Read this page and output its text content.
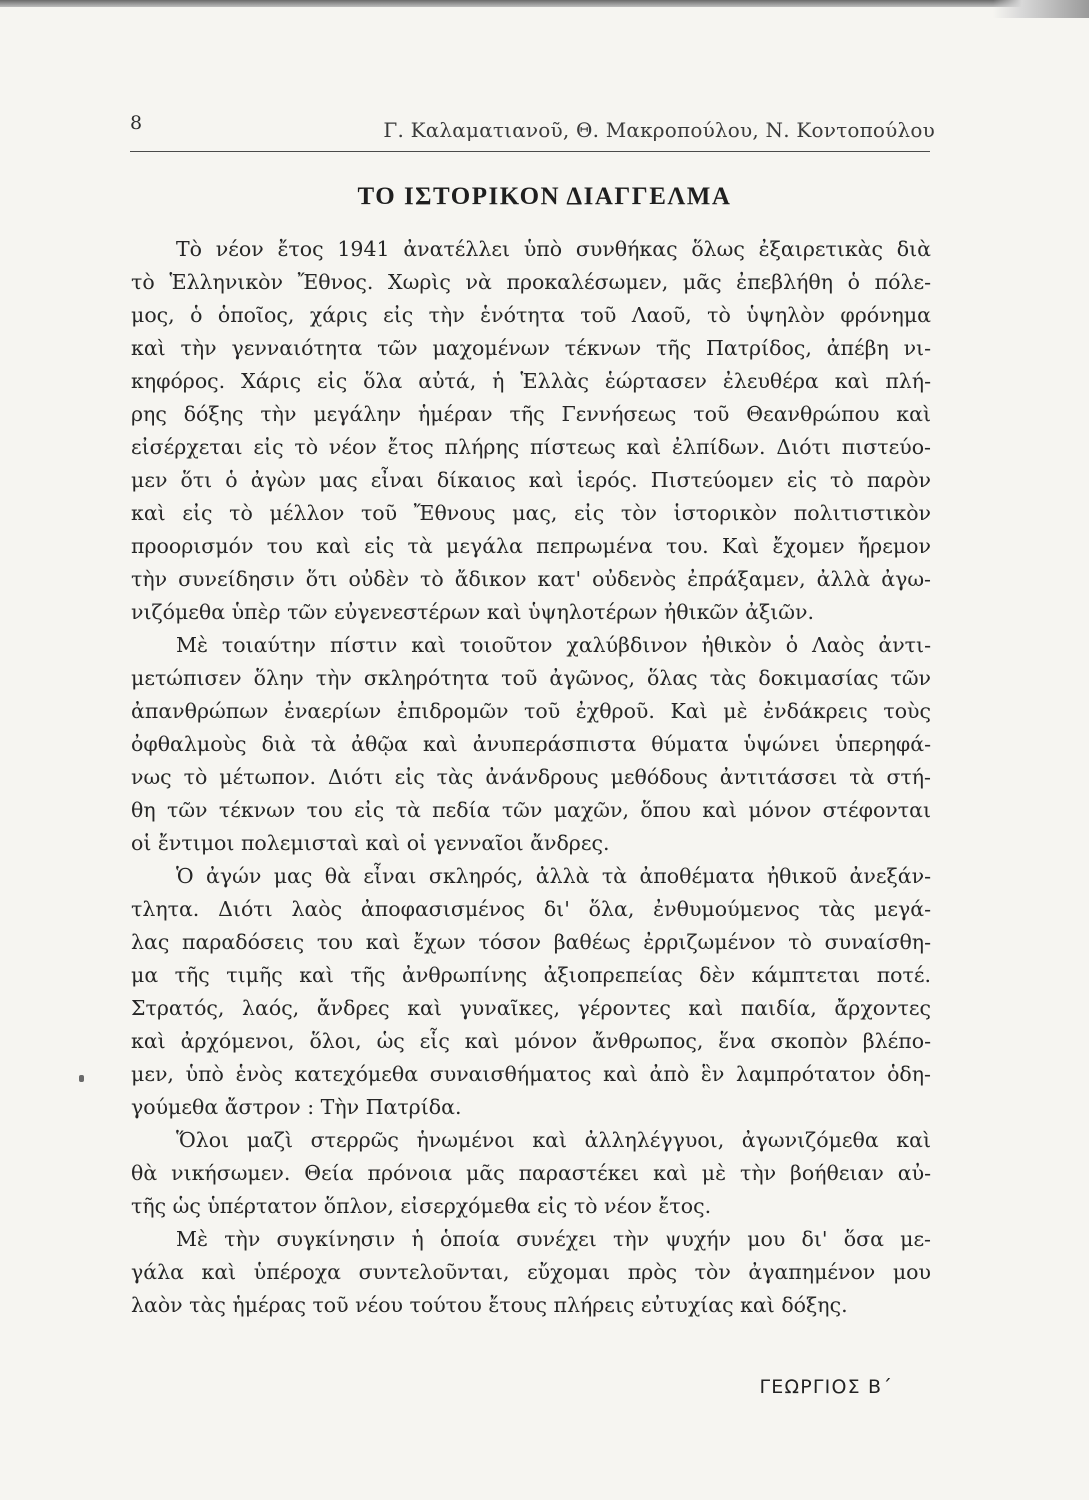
8	Γ. Καλαματιανοῦ, Θ. Μακροπούλου, Ν. Κοντοπούλου
ΤΟ ΙΣΤΟΡΙΚΟΝ ΔΙΑΓΓΕΛΜΑ
Τὸ νέον ἔτος 1941 ἀνατέλλει ὑπὸ συνθήκας ὅλως ἐξαιρετικὰς διὰ
τὸ Ἑλληνικὸν Ἔθνος. Χωρὶς νὰ προκαλέσωμεν, μᾶς ἐπεβλήθη ὁ πόλε-
μος, ὁ ὁποῖος, χάρις εἰς τὴν ἑνότητα τοῦ Λαοῦ, τὸ ὑψηλὸν φρόνημα
καὶ τὴν γενναιότητα τῶν μαχομένων τέκνων τῆς Πατρίδος, ἀπέβη νι-
κηφόρος. Χάρις εἰς ὅλα αὐτά, ἡ Ἑλλὰς ἑώρτασεν ἐλευθέρα καὶ πλή-
ρης δόξης τὴν μεγάλην ἡμέραν τῆς Γεννήσεως τοῦ Θεανθρώπου καὶ
εἰσέρχεται εἰς τὸ νέον ἔτος πλήρης πίστεως καὶ ἐλπίδων. Διότι πιστεύο-
μεν ὅτι ὁ ἀγὼν μας εἶναι δίκαιος καὶ ἱερός. Πιστεύομεν εἰς τὸ παρὸν
καὶ εἰς τὸ μέλλον τοῦ Ἔθνους μας, εἰς τὸν ἱστορικὸν πολιτιστικὸν
προορισμόν του καὶ εἰς τὰ μεγάλα πεπρωμένα του. Καὶ ἔχομεν ἤρεμον
τὴν συνείδησιν ὅτι οὐδὲν τὸ ἄδικον κατ' οὐδενὸς ἐπράξαμεν, ἀλλὰ ἀγω-
νιζόμεθα ὑπὲρ τῶν εὐγενεστέρων καὶ ὑψηλοτέρων ἠθικῶν ἀξιῶν.
Μὲ τοιαύτην πίστιν καὶ τοιοῦτον χαλύβδινον ἠθικὸν ὁ Λαὸς ἀντι-
μετώπισεν ὅλην τὴν σκληρότητα τοῦ ἀγῶνος, ὅλας τὰς δοκιμασίας τῶν
ἀπανθρώπων ἐναερίων ἐπιδρομῶν τοῦ ἐχθροῦ. Καὶ μὲ ἐνδάκρεις τοὺς
ὀφθαλμοὺς διὰ τὰ ἀθῷα καὶ ἀνυπεράσπιστα θύματα ὑψώνει ὑπερηφά-
νως τὸ μέτωπον. Διότι εἰς τὰς ἀνάνδρους μεθόδους ἀντιτάσσει τὰ στή-
θη τῶν τέκνων του εἰς τὰ πεδία τῶν μαχῶν, ὅπου καὶ μόνον στέφονται
οἱ ἔντιμοι πολεμισταὶ καὶ οἱ γενναῖοι ἄνδρες.
Ὁ ἀγών μας θὰ εἶναι σκληρός, ἀλλὰ τὰ ἀποθέματα ἠθικοῦ ἀνεξάν-
τλητα. Διότι λαὸς ἀποφασισμένος δι' ὅλα, ἐνθυμούμενος τὰς μεγά-
λας παραδόσεις του καὶ ἔχων τόσον βαθέως ἐρριζωμένον τὸ συναίσθη-
μα τῆς τιμῆς καὶ τῆς ἀνθρωπίνης ἀξιοπρεπείας δὲν κάμπτεται ποτέ.
Στρατός, λαός, ἄνδρες καὶ γυναῖκες, γέροντες καὶ παιδία, ἄρχοντες
καὶ ἀρχόμενοι, ὅλοι, ὡς εἷς καὶ μόνον ἄνθρωπος, ἕνα σκοπὸν βλέπο-
μεν, ὑπὸ ἑνὸς κατεχόμεθα συναισθήματος καὶ ἀπὸ ἓν λαμπρότατον ὁδη-
γούμεθα ἄστρον : Τὴν Πατρίδα.
Ὅλοι μαζὶ στερρῶς ἡνωμένοι καὶ ἀλληλέγγυοι, ἀγωνιζόμεθα καὶ
θὰ νικήσωμεν. Θεία πρόνοια μᾶς παραστέκει καὶ μὲ τὴν βοήθειαν αὐ-
τῆς ὡς ὑπέρτατον ὅπλον, εἰσερχόμεθα εἰς τὸ νέον ἔτος.
Μὲ τὴν συγκίνησιν ἡ ὁποία συνέχει τὴν ψυχήν μου δι' ὅσα με-
γάλα καὶ ὑπέροχα συντελοῦνται, εὔχομαι πρὸς τὸν ἀγαπημένον μου
λαὸν τὰς ἡμέρας τοῦ νέου τούτου ἔτους πλήρεις εὐτυχίας καὶ δόξης.
ΓΕΩΡΓΙΟΣ Β΄
